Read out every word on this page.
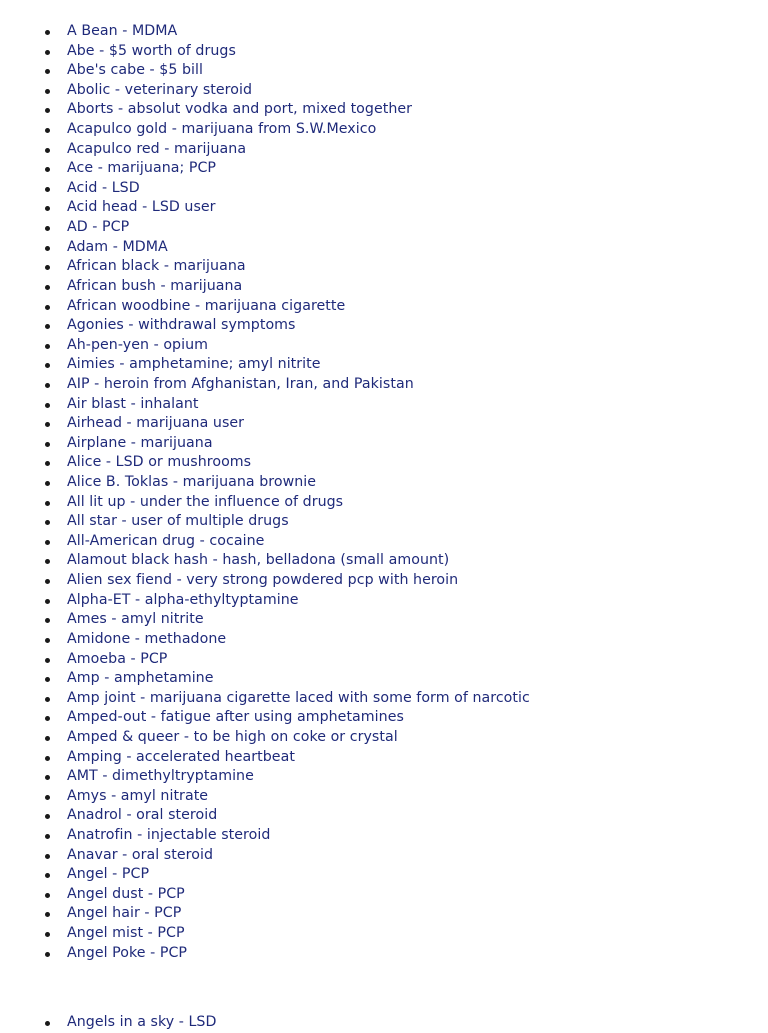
A Bean - MDMA
Abe - $5 worth of drugs
Abe's cabe - $5 bill
Abolic - veterinary steroid
Aborts - absolut vodka and port, mixed together
Acapulco gold - marijuana from S.W.Mexico
Acapulco red - marijuana
Ace - marijuana; PCP
Acid - LSD
Acid head - LSD user
AD - PCP
Adam - MDMA
African black - marijuana
African bush - marijuana
African woodbine - marijuana cigarette
Agonies - withdrawal symptoms
Ah-pen-yen - opium
Aimies - amphetamine; amyl nitrite
AIP - heroin from Afghanistan, Iran, and Pakistan
Air blast - inhalant
Airhead - marijuana user
Airplane - marijuana
Alice - LSD or mushrooms
Alice B. Toklas - marijuana brownie
All lit up - under the influence of drugs
All star - user of multiple drugs
All-American drug - cocaine
Alamout black hash - hash, belladona (small amount)
Alien sex fiend - very strong powdered pcp with heroin
Alpha-ET - alpha-ethyltyptamine
Ames - amyl nitrite
Amidone - methadone
Amoeba - PCP
Amp - amphetamine
Amp joint - marijuana cigarette laced with some form of narcotic
Amped-out - fatigue after using amphetamines
Amped & queer - to be high on coke or crystal
Amping - accelerated heartbeat
AMT - dimethyltryptamine
Amys - amyl nitrate
Anadrol - oral steroid
Anatrofin - injectable steroid
Anavar - oral steroid
Angel - PCP
Angel dust - PCP
Angel hair - PCP
Angel mist - PCP
Angel Poke - PCP
Angels in a sky - LSD
